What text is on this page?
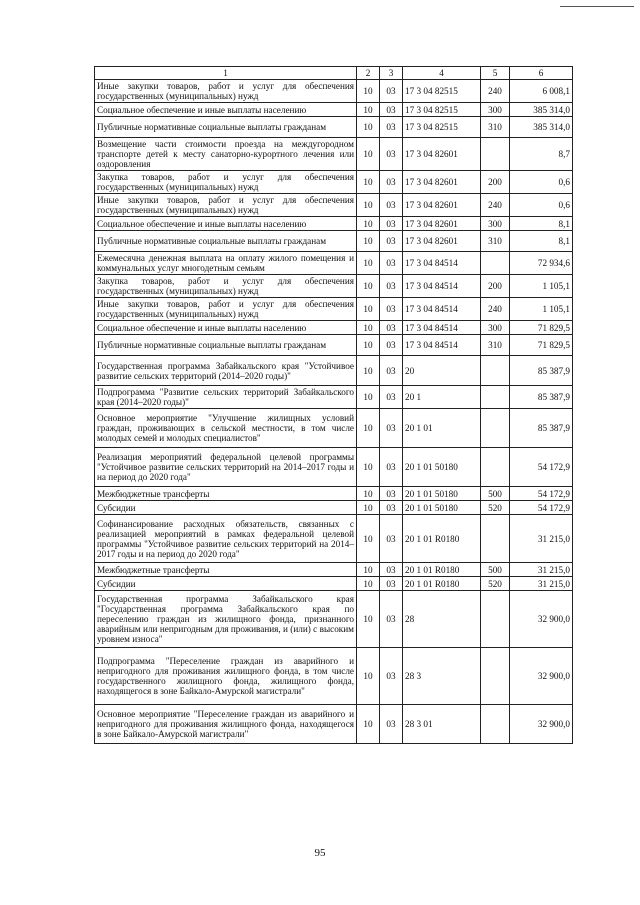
1	2	3	4	5	6
Иные закупки товаров, работ и услуг для обеспечения государственных (муниципальных) нужд	10	03	17 3 04 82515	240	6 008,1
Социальное обеспечение и иные выплаты населению	10	03	17 3 04 82515	300	385 314,0
Публичные нормативные социальные выплаты гражданам	10	03	17 3 04 82515	310	385 314,0
Возмещение части стоимости проезда на междугородном транспорте детей к месту санаторно-курортного лечения или оздоровления	10	03	17 3 04 82601		8,7
Закупка товаров, работ и услуг для обеспечения государственных (муниципальных) нужд	10	03	17 3 04 82601	200	0,6
Иные закупки товаров, работ и услуг для обеспечения государственных (муниципальных) нужд	10	03	17 3 04 82601	240	0,6
Социальное обеспечение и иные выплаты населению	10	03	17 3 04 82601	300	8,1
Публичные нормативные социальные выплаты гражданам	10	03	17 3 04 82601	310	8,1
Ежемесячна денежная выплата на оплату жилого помещения и коммунальных услуг многодетным семьям	10	03	17 3 04 84514		72 934,6
Закупка товаров, работ и услуг для обеспечения государственных (муниципальных) нужд	10	03	17 3 04 84514	200	1 105,1
Иные закупки товаров, работ и услуг для обеспечения государственных (муниципальных) нужд	10	03	17 3 04 84514	240	1 105,1
Социальное обеспечение и иные выплаты населению	10	03	17 3 04 84514	300	71 829,5
Публичные нормативные социальные выплаты гражданам	10	03	17 3 04 84514	310	71 829,5
Государственная программа Забайкальского края "Устойчивое развитие сельских территорий (2014–2020 годы)"	10	03	20		85 387,9
Подпрограмма "Развитие сельских территорий Забайкальского края (2014–2020 годы)"	10	03	20 1		85 387,9
Основное мероприятие "Улучшение жилищных условий граждан, проживающих в сельской местности, в том числе молодых семей и молодых специалистов"	10	03	20 1 01		85 387,9
Реализация мероприятий федеральной целевой программы "Устойчивое развитие сельских территорий на 2014–2017 годы и на период до 2020 года"	10	03	20 1 01 50180		54 172,9
Межбюджетные трансферты	10	03	20 1 01 50180	500	54 172,9
Субсидии	10	03	20 1 01 50180	520	54 172,9
Софинансирование расходных обязательств, связанных с реализацией мероприятий в рамках федеральной целевой программы "Устойчивое развитие сельских территорий на 2014–2017 годы и на период до 2020 года"	10	03	20 1 01 R0180		31 215,0
Межбюджетные трансферты	10	03	20 1 01 R0180	500	31 215,0
Субсидии	10	03	20 1 01 R0180	520	31 215,0
Государственная программа Забайкальского края "Государственная программа Забайкальского края по переселению граждан из жилищного фонда, признанного аварийным или непригодным для проживания, и (или) с высоким уровнем износа"	10	03	28		32 900,0
Подпрограмма "Переселение граждан из аварийного и непригодного для проживания жилищного фонда, в том числе государственного жилищного фонда, жилищного фонда, находящегося в зоне Байкало-Амурской магистрали"	10	03	28 3		32 900,0
Основное мероприятие "Переселение граждан из аварийного и непригодного для проживания жилищного фонда, находящегося в зоне Байкало-Амурской магистрали"	10	03	28 3 01		32 900,0
95
